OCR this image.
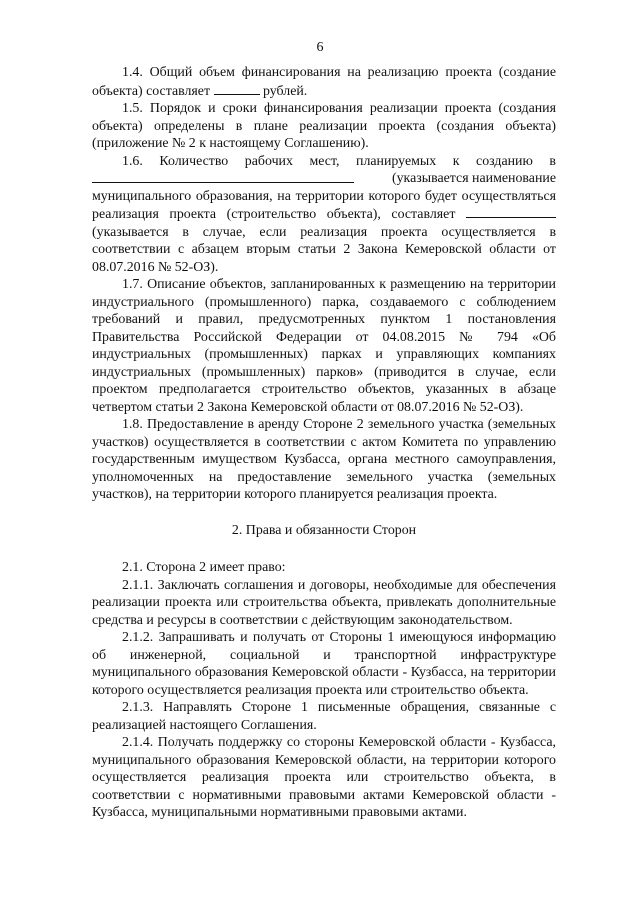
6

1.4. Общий объем финансирования на реализацию проекта (создание объекта) составляет	рублей.

1.5. Порядок и сроки финансирования реализации проекта (создания объекта) определены в плане реализации проекта (создания объекта) (приложение № 2 к настоящему Соглашению).

1.6. Количество рабочих мест, планируемых к созданию в

(указывается наименование

муниципального образования, на территории которого будет осуществляться реализация проекта (строительство объекта), составляет  (указывается в случае, если реализация проекта осуществляется в соответствии с абзацем вторым статьи 2 Закона Кемеровской области от 08.07.2016 № 52-ОЗ).

1.7. Описание объектов, запланированных к размещению на территории индустриального (промышленного) парка, создаваемого с соблюдением требований и правил, предусмотренных пунктом 1 постановления Правительства Российской Федерации от 04.08.2015 № 794 «Об индустриальных (промышленных) парках и управляющих компаниях индустриальных (промышленных) парков» (приводится в случае, если проектом предполагается строительство объектов, указанных в абзаце четвертом статьи 2 Закона Кемеровской области от 08.07.2016 № 52-ОЗ).

1.8. Предоставление в аренду Стороне 2 земельного участка (земельных участков) осуществляется в соответствии с актом Комитета по управлению государственным имуществом Кузбасса, органа местного самоуправления, уполномоченных на предоставление земельного участка (земельных участков), на территории которого планируется реализация проекта.

2. Права и обязанности Сторон

2.1. Сторона 2 имеет право:

2.1.1. Заключать соглашения и договоры, необходимые для обеспечения реализации проекта или строительства объекта, привлекать дополнительные средства и ресурсы в соответствии с действующим законодательством.

2.1.2. Запрашивать и получать от Стороны 1 имеющуюся информацию об инженерной, социальной и транспортной инфраструктуре муниципального образования Кемеровской области - Кузбасса, на территории которого осуществляется реализация проекта или строительство объекта.

2.1.3. Направлять Стороне 1 письменные обращения, связанные с реализацией настоящего Соглашения.

2.1.4. Получать поддержку со стороны Кемеровской области - Кузбасса, муниципального образования Кемеровской области, на территории которого осуществляется реализация проекта или строительство объекта, в соответствии с нормативными правовыми актами Кемеровской области - Кузбасса, муниципальными нормативными правовыми актами.
